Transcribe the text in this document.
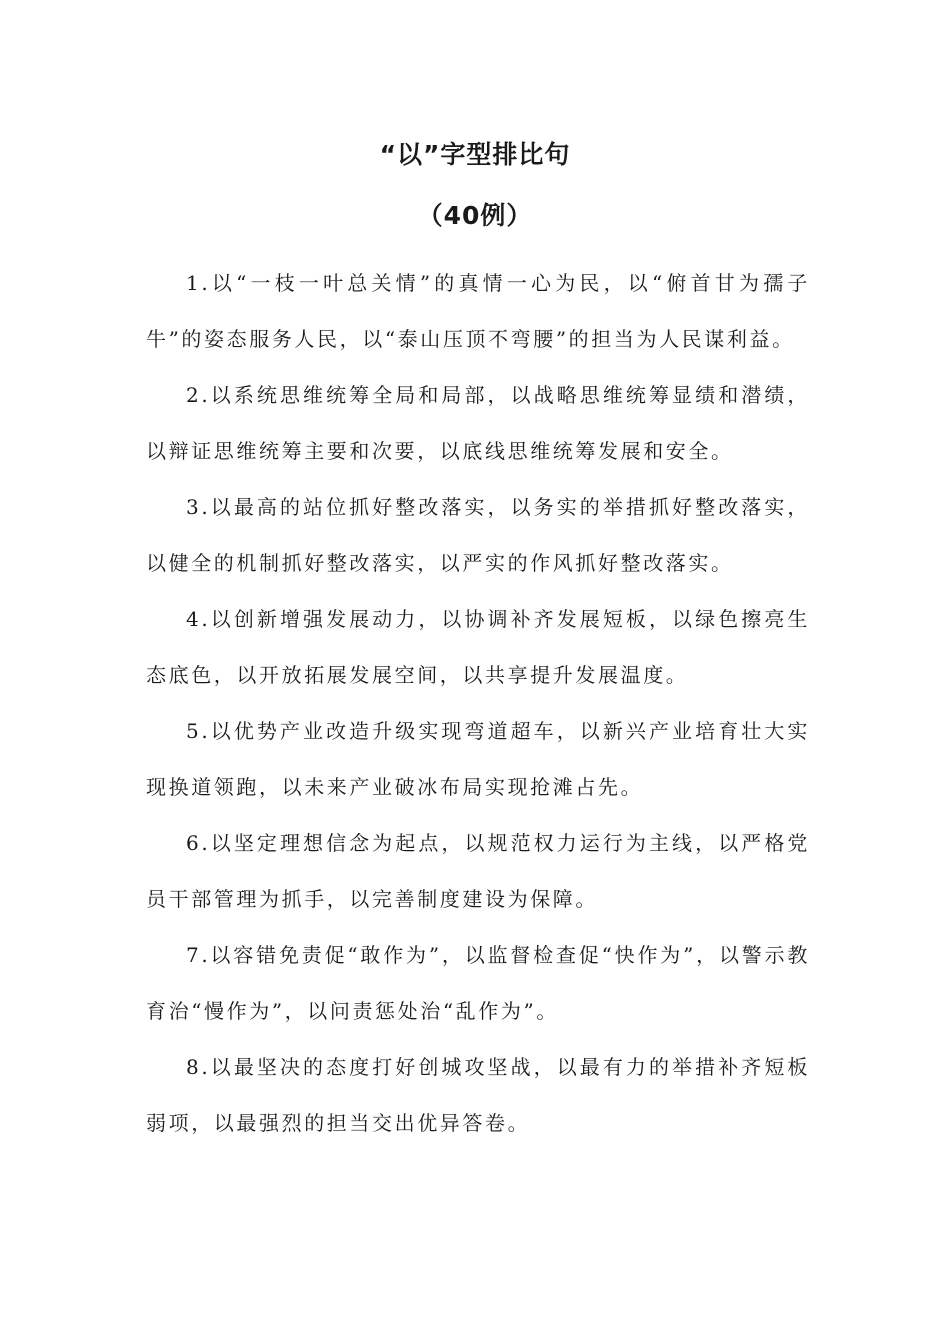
“以”字型排比句
（40例）
1.以“一枝一叶总关情”的真情一心为民，以“俯首甘为孺子牛”的姿态服务人民，以“泰山压顶不弯腰”的担当为人民谋利益。
2.以系统思维统筹全局和局部，以战略思维统筹显绩和潜绩，以辩证思维统筹主要和次要，以底线思维统筹发展和安全。
3.以最高的站位抓好整改落实，以务实的举措抓好整改落实，以健全的机制抓好整改落实，以严实的作风抓好整改落实。
4.以创新增强发展动力，以协调补齐发展短板，以绿色擦亮生态底色，以开放拓展发展空间，以共享提升发展温度。
5.以优势产业改造升级实现弯道超车，以新兴产业培育壮大实现换道领跑，以未来产业破冰布局实现抢滩占先。
6.以坚定理想信念为起点，以规范权力运行为主线，以严格党员干部管理为抓手，以完善制度建设为保障。
7.以容错免责促“敢作为”，以监督检查促“快作为”，以警示教育治“慢作为”，以问责惩处治“乱作为”。
8.以最坚决的态度打好创城攻坚战，以最有力的举措补齐短板弱项，以最强烈的担当交出优异答卷。
